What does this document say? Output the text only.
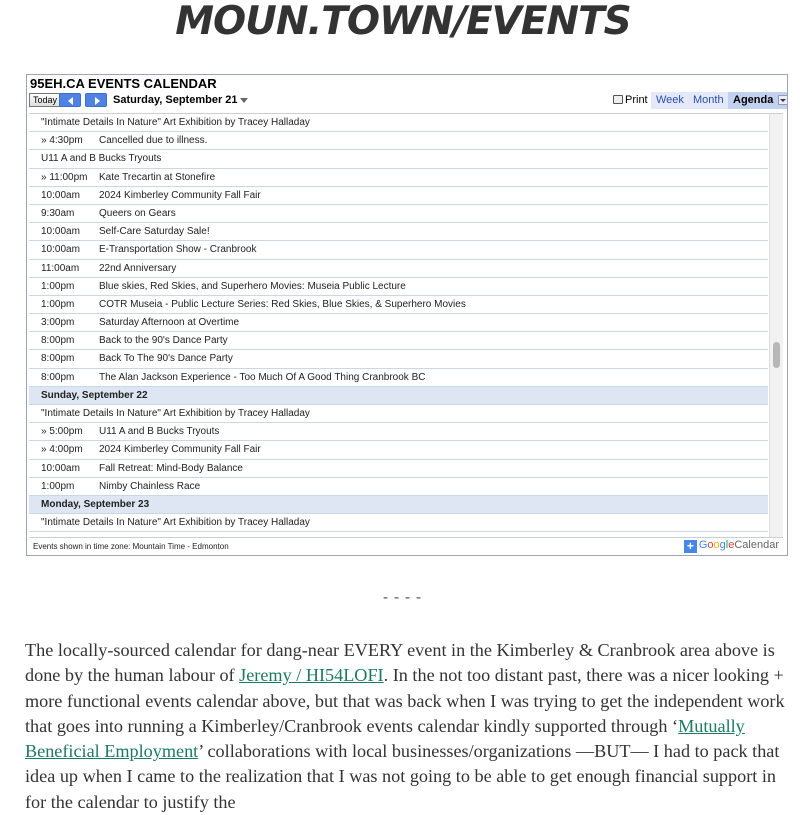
MOUN.TOWN/EVENTS
95EH.CA EVENTS CALENDAR
Today	Saturday, September 21	Print Week Month Agenda
"Intimate Details In Nature" Art Exhibition by Tracey Halladay
» 4:30pm Cancelled due to illness.
U11 A and B Bucks Tryouts
» 11:00pm Kate Trecartin at Stonefire
10:00am 2024 Kimberley Community Fall Fair
9:30am Queers on Gears
10:00am Self-Care Saturday Sale!
10:00am E-Transportation Show - Cranbrook
11:00am 22nd Anniversary
1:00pm Blue skies, Red Skies, and Superhero Movies: Museia Public Lecture
1:00pm COTR Museia - Public Lecture Series: Red Skies, Blue Skies, & Superhero Movies
3:00pm Saturday Afternoon at Overtime
8:00pm Back to the 90's Dance Party
8:00pm Back To The 90's Dance Party
8:00pm The Alan Jackson Experience - Too Much Of A Good Thing Cranbrook BC
Sunday, September 22
"Intimate Details In Nature" Art Exhibition by Tracey Halladay
» 5:00pm U11 A and B Bucks Tryouts
» 4:00pm 2024 Kimberley Community Fall Fair
10:00am Fall Retreat: Mind-Body Balance
1:00pm Nimby Chainless Race
Monday, September 23
"Intimate Details In Nature" Art Exhibition by Tracey Halladay
Events shown in time zone: Mountain Time - Edmonton	+ GoogleCalendar
----

The locally-sourced calendar for dang-near EVERY event in the Kimberley & Cranbrook area above is done by the human labour of Jeremy / HI54LOFI. In the not too distant past, there was a nicer looking + more functional events calendar above, but that was back when I was trying to get the independent work that goes into running a Kimberley/Cranbrook events calendar kindly supported through ‘Mutually Beneficial Employment’ collaborations with local businesses/organizations —BUT— I had to pack that idea up when I came to the realization that I was not going to be able to get enough financial support in for the calendar to justify the
